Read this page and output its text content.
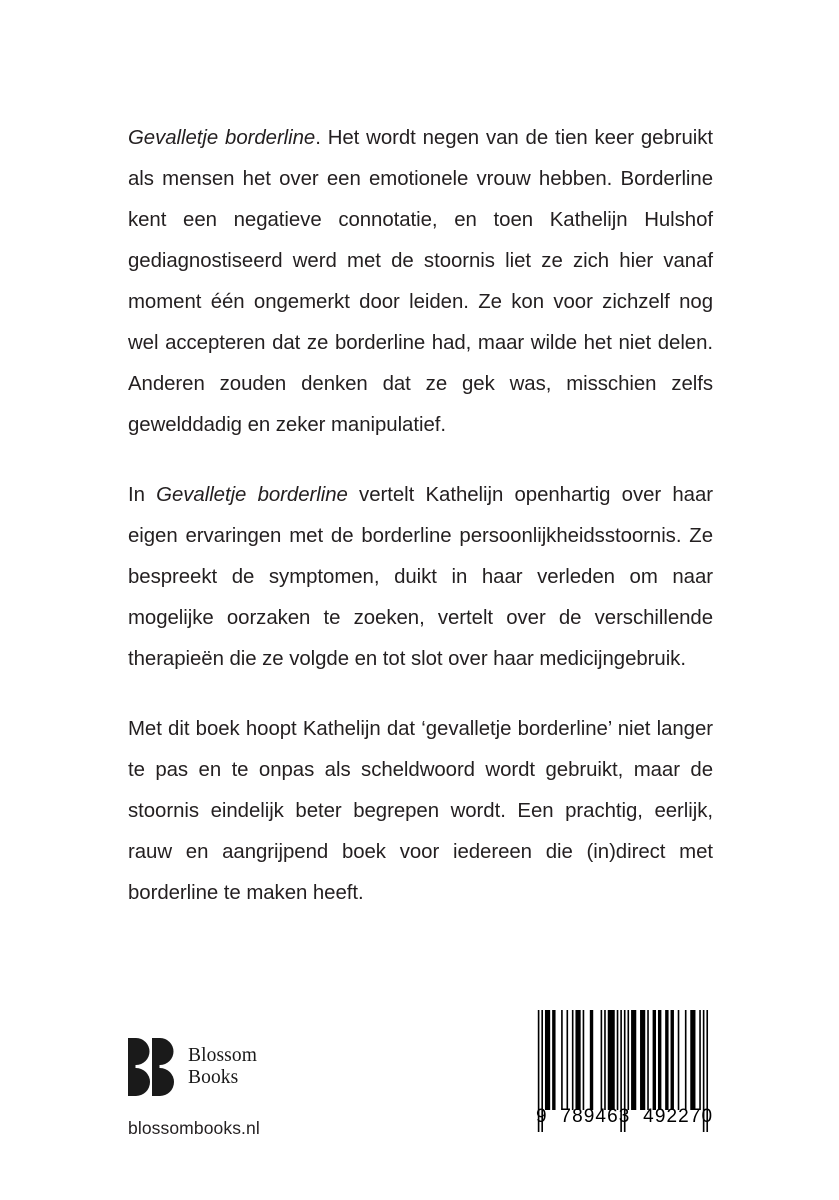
Gevalletje borderline. Het wordt negen van de tien keer gebruikt als mensen het over een emotionele vrouw hebben. Borderline kent een negatieve connotatie, en toen Kathelijn Hulshof gediagnostiseerd werd met de stoornis liet ze zich hier vanaf moment één ongemerkt door leiden. Ze kon voor zichzelf nog wel accepteren dat ze borderline had, maar wilde het niet delen. Anderen zouden denken dat ze gek was, misschien zelfs gewelddadig en zeker manipulatief.

In Gevalletje borderline vertelt Kathelijn openhartig over haar eigen ervaringen met de borderline persoonlijkheidsstoornis. Ze bespreekt de symptomen, duikt in haar verleden om naar mogelijke oorzaken te zoeken, vertelt over de verschillende therapieën die ze volgde en tot slot over haar medicijngebruik.

Met dit boek hoopt Kathelijn dat ‘gevalletje borderline’ niet langer te pas en te onpas als scheldwoord wordt gebruikt, maar de stoornis eindelijk beter begrepen wordt. Een prachtig, eerlijk, rauw en aangrijpend boek voor iedereen die (in)direct met borderline te maken heeft.

Blossom
Books
blossombooks.nl
9  789463  492270
